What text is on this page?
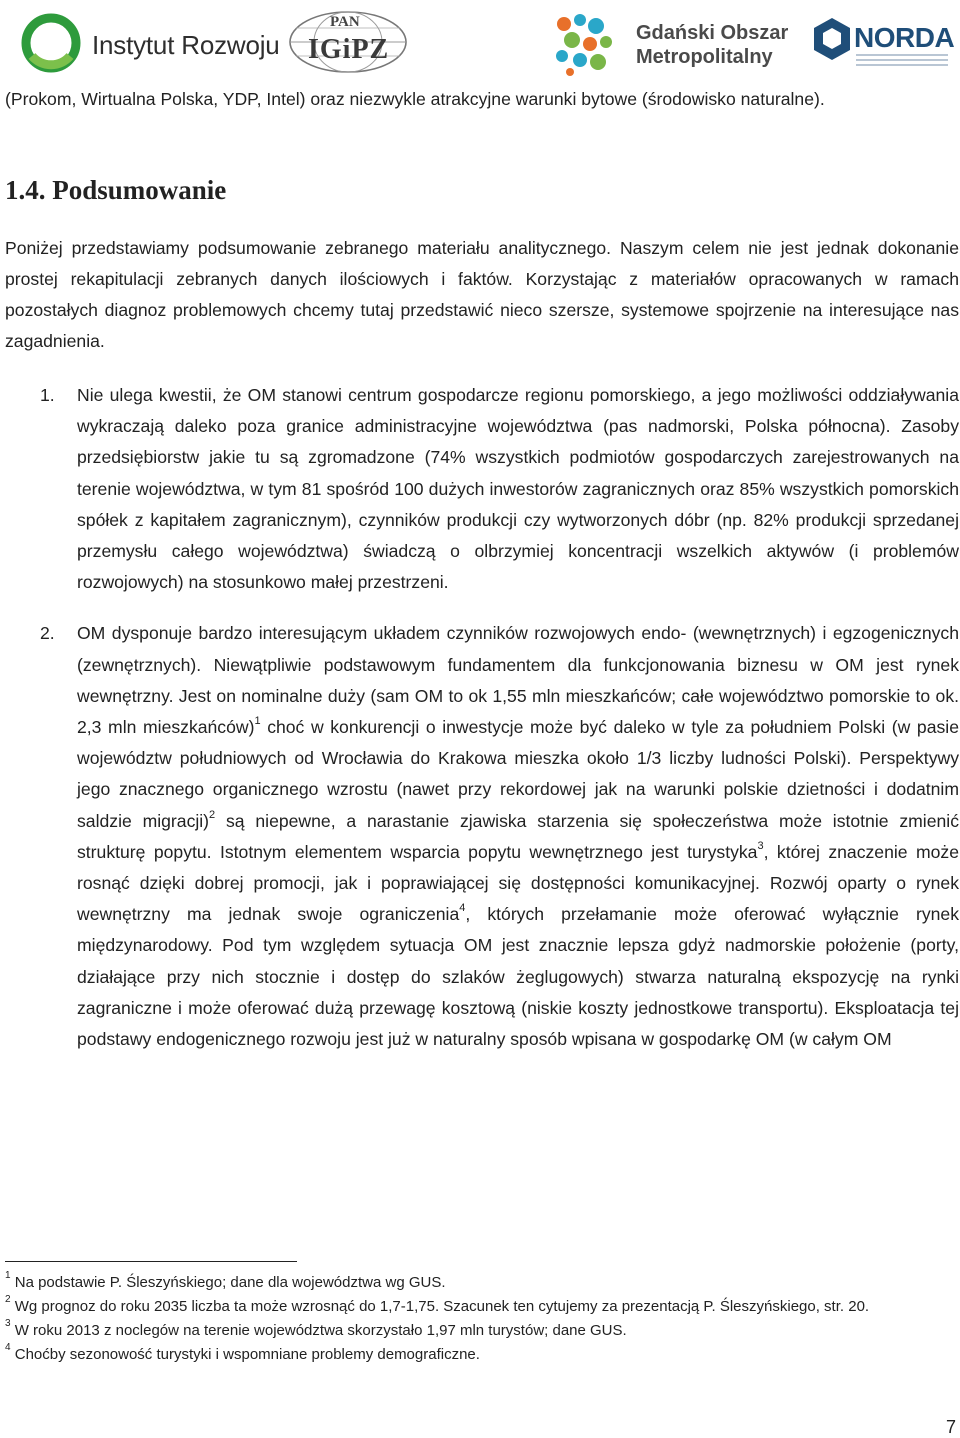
Instytut Rozwoju
PAN
IGiPZ
Gdański Obszar
Metropolitalny
NORDA

(Prokom, Wirtualna Polska, YDP, Intel) oraz niezwykle atrakcyjne warunki bytowe (środowisko naturalne).

1.4. Podsumowanie

Poniżej przedstawiamy podsumowanie zebranego materiału analitycznego. Naszym celem nie jest jednak dokonanie prostej rekapitulacji zebranych danych ilościowych i faktów. Korzystając z materiałów opracowanych w ramach pozostałych diagnoz problemowych chcemy tutaj przedstawić nieco szersze, systemowe spojrzenie na interesujące nas zagadnienia.

1. Nie ulega kwestii, że OM stanowi centrum gospodarcze regionu pomorskiego, a jego możliwości oddziaływania wykraczają daleko poza granice administracyjne województwa (pas nadmorski, Polska północna). Zasoby przedsiębiorstw jakie tu są zgromadzone (74% wszystkich podmiotów gospodarczych zarejestrowanych na terenie województwa, w tym 81 spośród 100 dużych inwestorów zagranicznych oraz 85% wszystkich pomorskich spółek z kapitałem zagranicznym), czynników produkcji czy wytworzonych dóbr (np. 82% produkcji sprzedanej przemysłu całego województwa) świadczą o olbrzymiej koncentracji wszelkich aktywów (i problemów rozwojowych) na stosunkowo małej przestrzeni.
2. OM dysponuje bardzo interesującym układem czynników rozwojowych endo- (wewnętrznych) i egzogenicznych (zewnętrznych). Niewątpliwie podstawowym fundamentem dla funkcjonowania biznesu w OM jest rynek wewnętrzny. Jest on nominalne duży (sam OM to ok 1,55 mln mieszkańców; całe województwo pomorskie to ok. 2,3 mln mieszkańców)$^1$ choć w konkurencji o inwestycje może być daleko w tyle za południem Polski (w pasie województw południowych od Wrocławia do Krakowa mieszka około 1/3 liczby ludności Polski). Perspektywy jego znacznego organicznego wzrostu (nawet przy rekordowej jak na warunki polskie dzietności i dodatnim saldzie migracji)$^2$ są niepewne, a narastanie zjawiska starzenia się społeczeństwa może istotnie zmienić strukturę popytu. Istotnym elementem wsparcia popytu wewnętrznego jest turystyka$^3$, której znaczenie może rosnąć dzięki dobrej promocji, jak i poprawiającej się dostępności komunikacyjnej. Rozwój oparty o rynek wewnętrzny ma jednak swoje ograniczenia$^4$, których przełamanie może oferować wyłącznie rynek międzynarodowy. Pod tym względem sytuacja OM jest znacznie lepsza gdyż nadmorskie położenie (porty, działające przy nich stocznie i dostęp do szlaków żeglugowych) stwarza naturalną ekspozycję na rynki zagraniczne i może oferować dużą przewagę kosztową (niskie koszty jednostkowe transportu). Eksploatacja tej podstawy endogenicznego rozwoju jest już w naturalny sposób wpisana w gospodarkę OM (w całym OM
$^1$ Na podstawie P. Śleszyńskiego; dane dla województwa wg GUS.
$^2$ Wg prognoz do roku 2035 liczba ta może wzrosnąć do 1,7-1,75. Szacunek ten cytujemy za prezentacją P. Śleszyńskiego, str. 20.
$^3$ W roku 2013 z noclegów na terenie województwa skorzystało 1,97 mln turystów; dane GUS.
$^4$ Choćby sezonowość turystyki i wspomniane problemy demograficzne.
7
